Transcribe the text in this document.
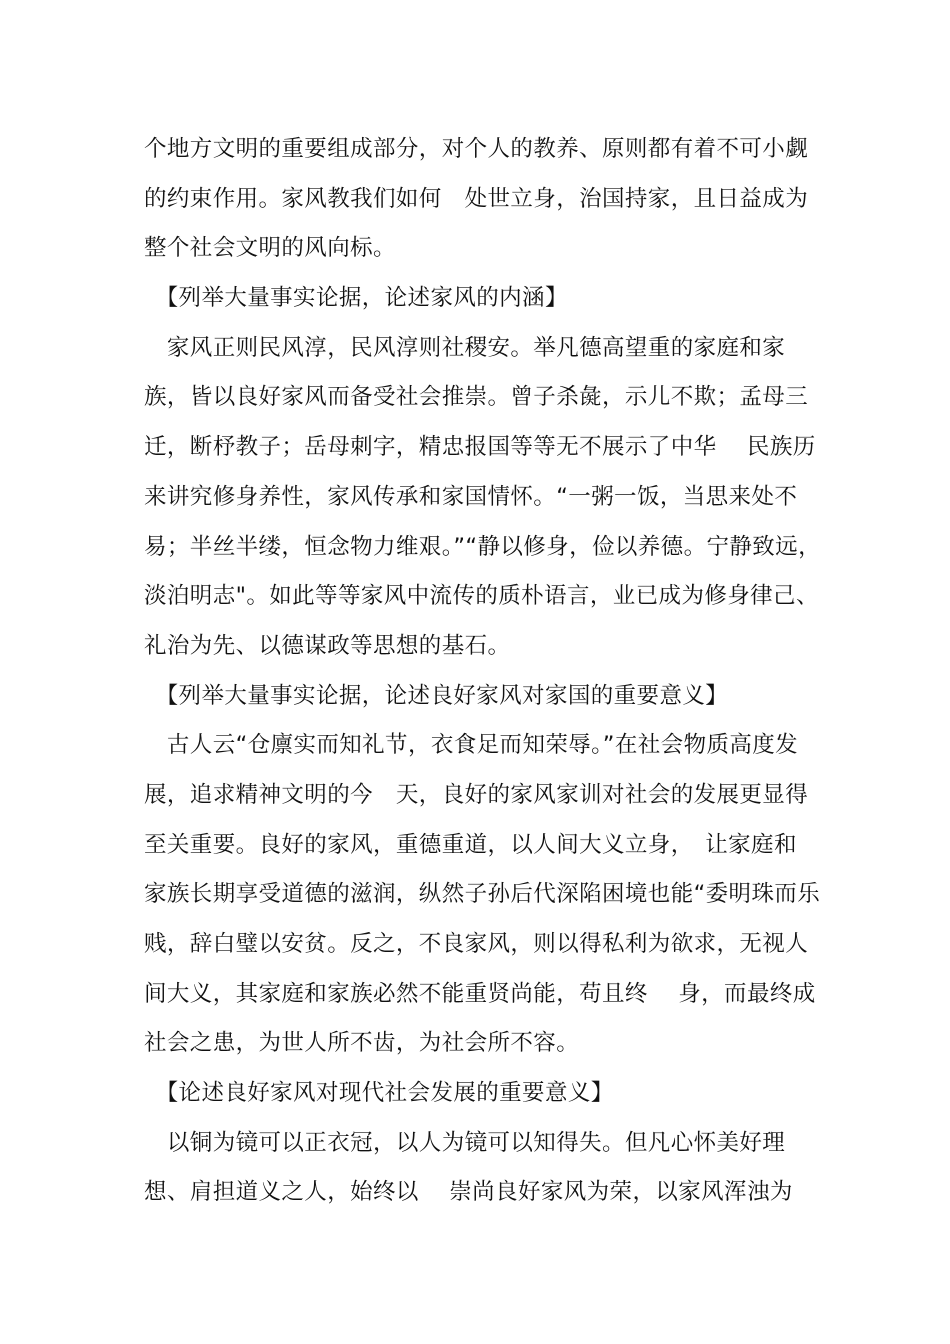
个地方文明的重要组成部分，对个人的教养、原则都有着不可小觑
的约束作用。家风教我们如何　处世立身，治国持家，且日益成为
整个社会文明的风向标。
　【列举大量事实论据，论述家风的内涵】
　家风正则民风淳，民风淳则社稷安。举凡德高望重的家庭和家
族，皆以良好家风而备受社会推崇。曾子杀彘，示儿不欺；孟母三
迁，断杼教子；岳母刺字，精忠报国等等无不展示了中华　 民族历
来讲究修身养性，家风传承和家国情怀。“一粥一饭，当思来处不
易；半丝半缕，恒念物力维艰。”“静以修身，俭以养德。宁静致远，
淡泊明志"。如此等等家风中流传的质朴语言，业已成为修身律己、
礼治为先、以德谋政等思想的基石。
　【列举大量事实论据，论述良好家风对家国的重要意义】
　古人云“仓廪实而知礼节，衣食足而知荣辱。”在社会物质高度发
展，追求精神文明的今　天，良好的家风家训对社会的发展更显得
至关重要。良好的家风，重德重道，以人间大义立身，　让家庭和
家族长期享受道德的滋润，纵然子孙后代深陷困境也能“委明珠而乐
贱，辞白璧以安贫。反之，不良家风，则以得私利为欲求，无视人
间大义，其家庭和家族必然不能重贤尚能，苟且终　 身，而最终成
社会之患，为世人所不齿，为社会所不容。
　【论述良好家风对现代社会发展的重要意义】
　以铜为镜可以正衣冠，以人为镜可以知得失。但凡心怀美好理
想、肩担道义之人，始终以　 崇尚良好家风为荣，以家风浑浊为
